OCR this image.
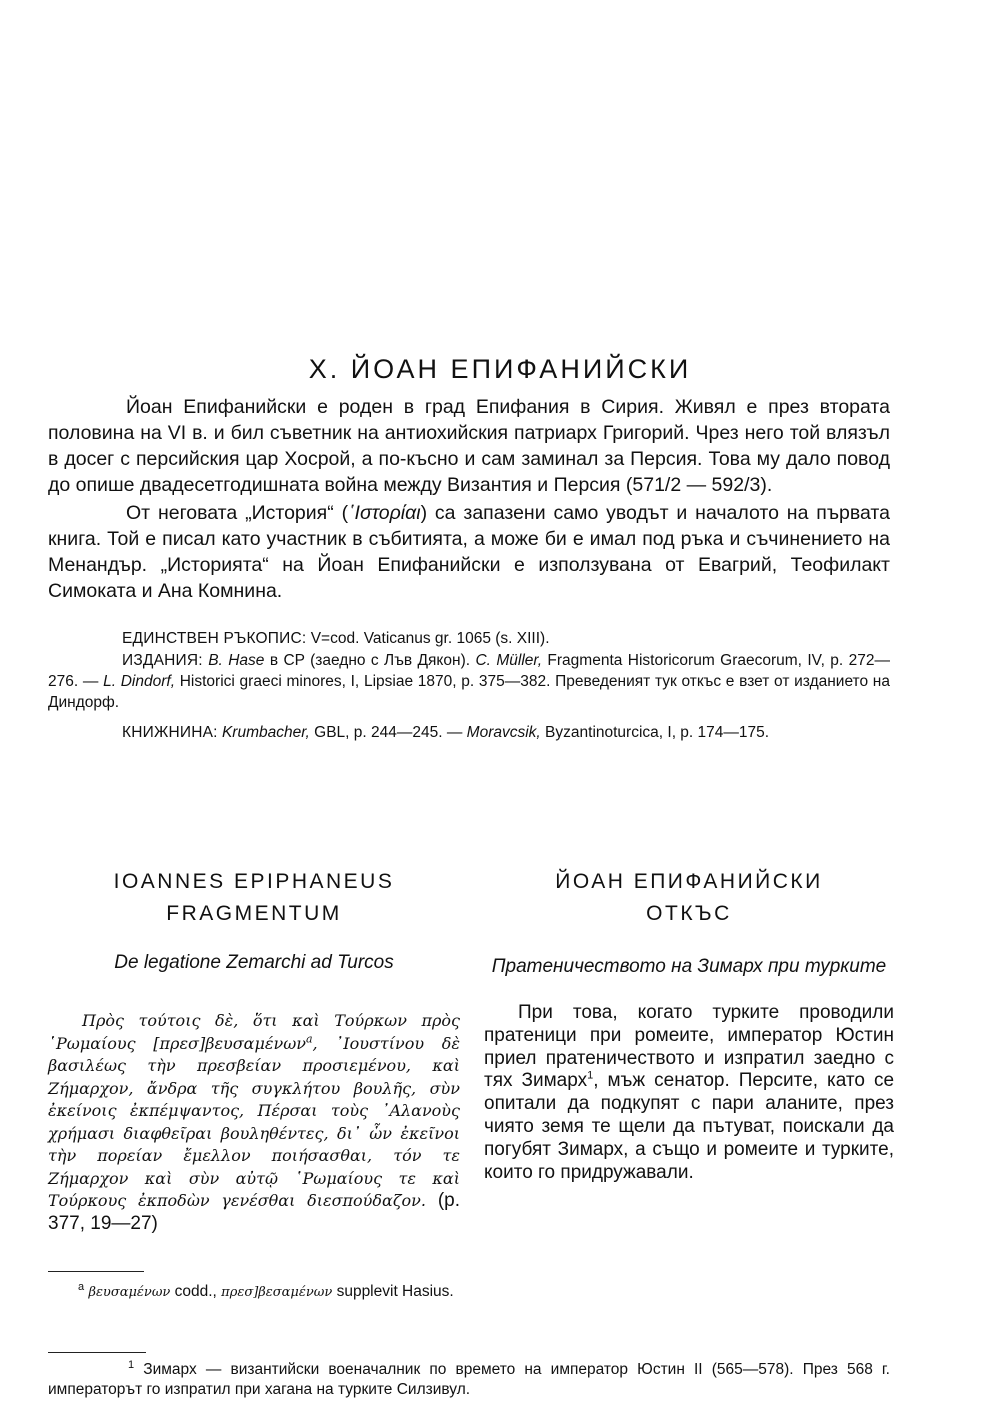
X. ЙОАН ЕПИФАНИЙСКИ

Йоан Епифанийски е роден в град Епифания в Сирия. Живял е през втората половина на VI в. и бил съветник на антиохийския патриарх Григорий. Чрез него той влязъл в досег с персийския цар Хосрой, а по-късно и сам заминал за Персия. Това му дало повод до опише двадесетгодишната война между Византия и Персия (571/2 — 592/3).

От неговата „История“ (῾Ιστορίαι) са запазени само уводът и началото на първата книга. Той е писал като участник в събитията, а може би е имал под ръка и съчинението на Менандър. „Историята“ на Йоан Епифанийски е използувана от Евагрий, Теофилакт Симоката и Ана Комнина.

ЕДИНСТВЕН РЪКОПИС: V=cod. Vaticanus gr. 1065 (s. XIII).

ИЗДАНИЯ: B. Hase в CP (заедно с Лъв Дякон). C. Müller, Fragmenta Historicorum Graecorum, IV, p. 272—276. — L. Dindorf, Historici graeci minores, I, Lipsiae 1870, p. 375—382. Преведеният тук откъс е взет от изданието на Диндорф.

КНИЖНИНА: Krumbacher, GBL, p. 244—245. — Moravcsik, Byzantinoturcica, I, p. 174—175.

IOANNES EPIPHANEUS
FRAGMENTUM

De legatione Zemarchi ad Turcos

Πρὸς τούτοις δὲ, ὅτι καὶ Τούρκων πρὸς ῾Ρωμαίους [πρεσ]βευσαμένων$^a$, ᾿Ιουστίνου δὲ βασιλέως τὴν πρεσβείαν προσιεμένου, καὶ Ζήμαρχον, ἄνδρα τῆς συγκλήτου βουλῆς, σὺν ἐκείνοις ἐκπέμψαντος, Πέρσαι τοὺς ᾿Αλανοὺς χρήμασι διαφθεῖραι βουληθέντες, δι᾿ ὧν ἐκεῖνοι τὴν πορείαν ἔμελλον ποιήσασθαι, τόν τε Ζήμαρχον καὶ σὺν αὐτῷ ῾Ρωμαίους τε καὶ Τούρκους ἐκποδὼν γενέσθαι διεσπούδαζον. (p. 377, 19—27)

ЙОАН ЕПИФАНИЙСКИ
ОТКЪС

Пратеничеството на Зимарх при турките

При това, когато турките проводили пратеници при ромеите, император Юстин приел пратеничеството и изпратил заедно с тях Зимарх$^1$, мъж сенатор. Персите, като се опитали да подкупят с пари аланите, през чиято земя те щели да пътуват, поискали да погубят Зимарх, а също и ромеите и турките, които го придружавали.

$^a$ βευσαμένων codd., πρεσ]βεσαμένων supplevit Hasius.

$^1$ Зимарх — византийски военачалник по времето на император Юстин II (565—578). През 568 г. императорът го изпратил при хагана на турките Силзивул.
